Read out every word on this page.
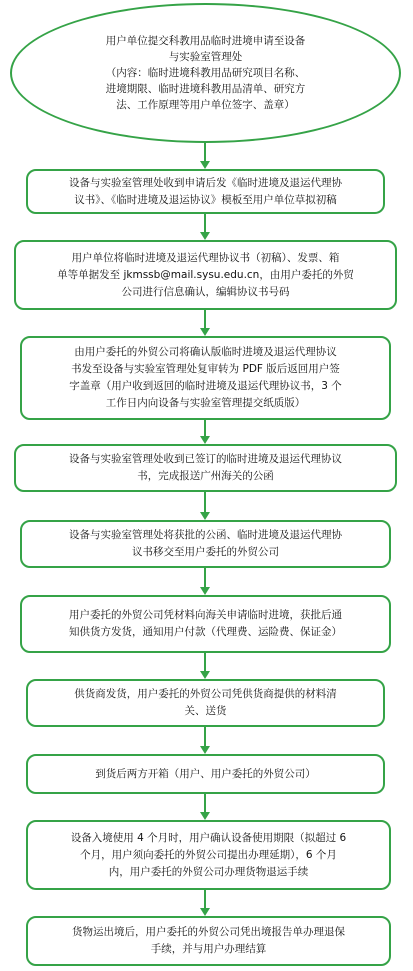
用户单位提交科教用品临时进境申请至设备
与实验室管理处
（内容：临时进境科教用品研究项目名称、
进境期限、临时进境科教用品清单、研究方
法、工作原理等用户单位签字、盖章）
设备与实验室管理处收到申请后发《临时进境及退运代理协
议书》、《临时进境及退运协议》模板至用户单位草拟初稿
用户单位将临时进境及退运代理协议书（初稿）、发票、箱
单等单据发至 jkmssb@mail.sysu.edu.cn，由用户委托的外贸
公司进行信息确认，编辑协议书号码
由用户委托的外贸公司将确认版临时进境及退运代理协议
书发至设备与实验室管理处复审转为 PDF 版后返回用户签
字盖章（用户收到返回的临时进境及退运代理协议书，3 个
工作日内向设备与实验室管理提交纸质版）
设备与实验室管理处收到已签订的临时进境及退运代理协议
书，完成报送广州海关的公函
设备与实验室管理处将获批的公函、临时进境及退运代理协
议书移交至用户委托的外贸公司
用户委托的外贸公司凭材料向海关申请临时进境，获批后通
知供货方发货，通知用户付款（代理费、运险费、保证金）
供货商发货，用户委托的外贸公司凭供货商提供的材料清
关、送货
到货后两方开箱（用户、用户委托的外贸公司）
设备入境使用 4 个月时，用户确认设备使用期限（拟超过 6
个月，用户须向委托的外贸公司提出办理延期），6 个月
内，用户委托的外贸公司办理货物退运手续
货物运出境后，用户委托的外贸公司凭出境报告单办理退保
手续，并与用户办理结算
